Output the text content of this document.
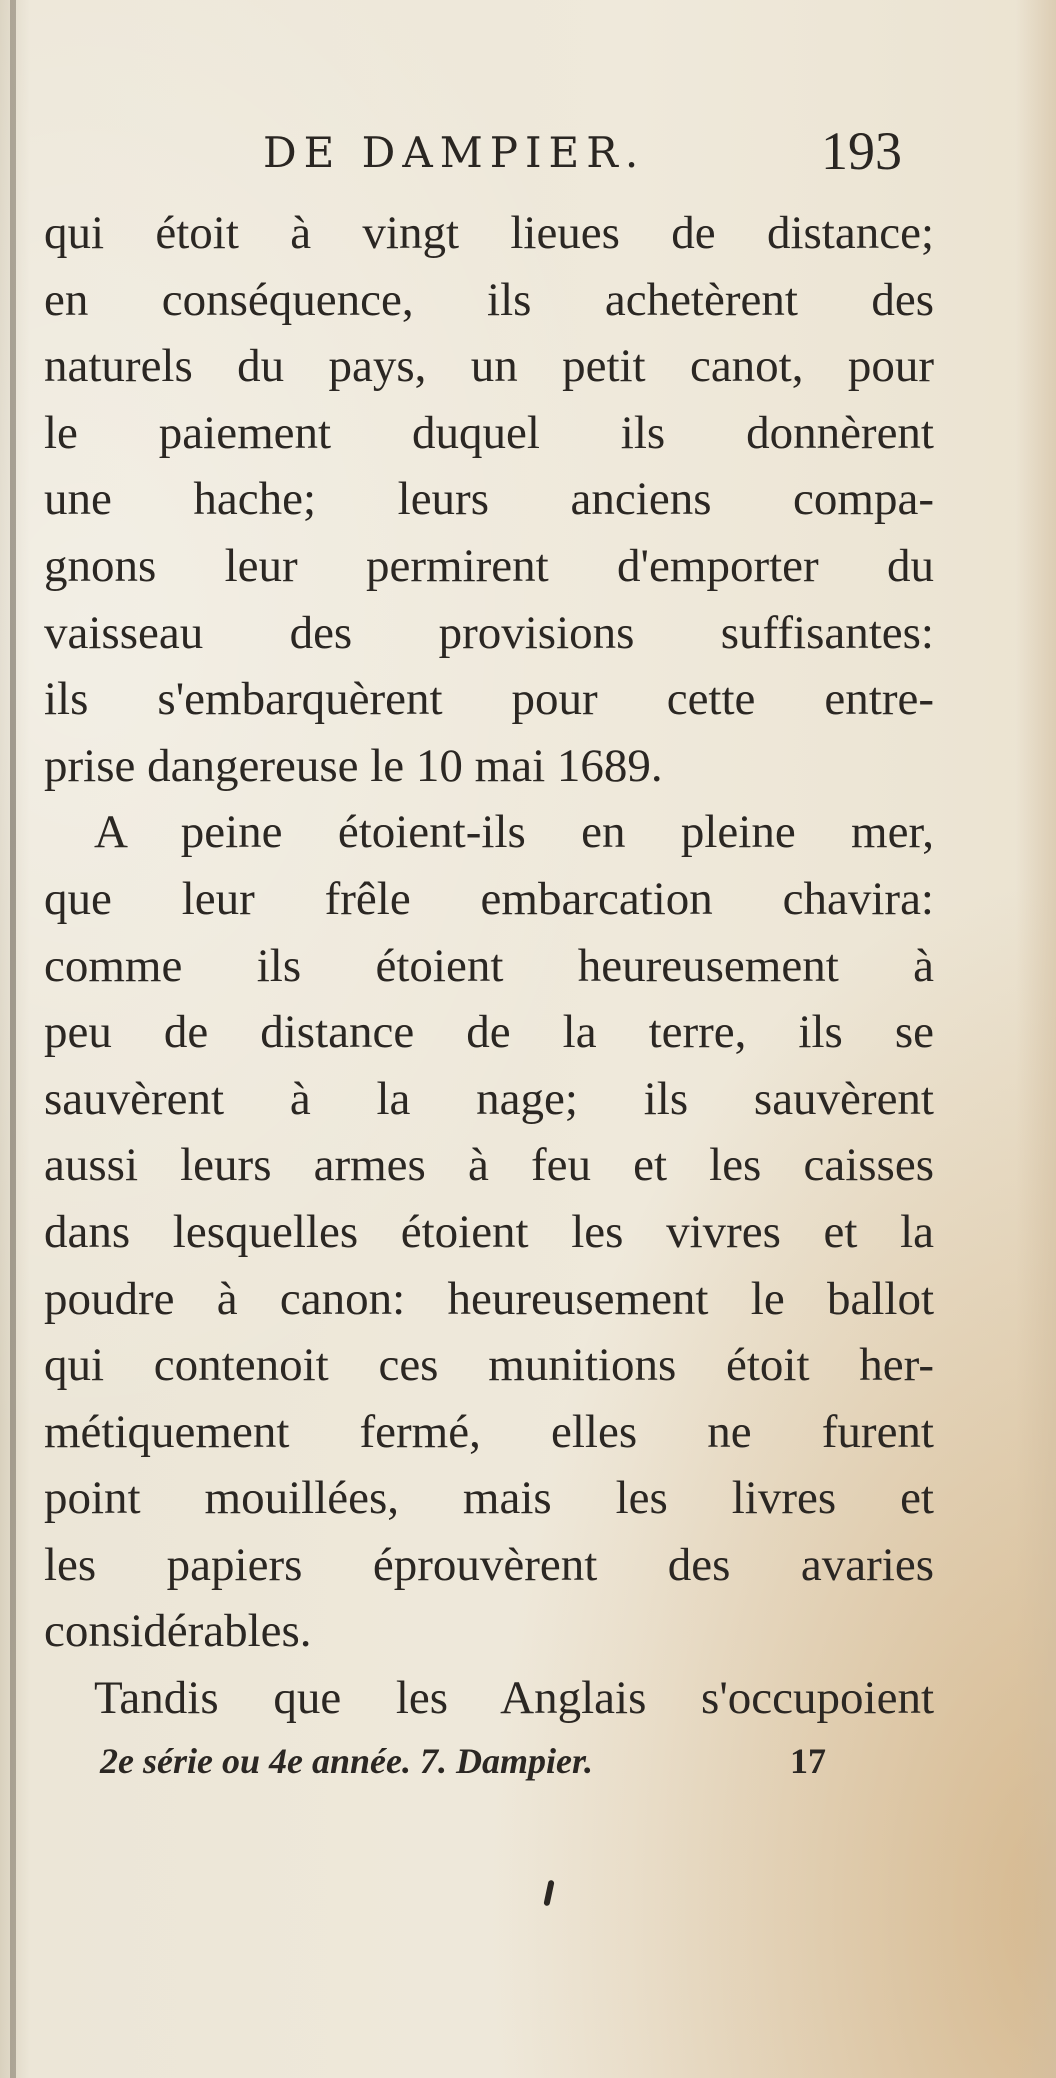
DE DAMPIER.	193
qui étoit à vingt lieues de distance;
en conséquence, ils achetèrent des
naturels du pays, un petit canot, pour
le paiement duquel ils donnèrent
une hache; leurs anciens compa-
gnons leur permirent d'emporter du
vaisseau des provisions suffisantes:
ils s'embarquèrent pour cette entre-
prise dangereuse le 10 mai 1689.
A peine étoient-ils en pleine mer,
que leur frêle embarcation chavira:
comme ils étoient heureusement à
peu de distance de la terre, ils se
sauvèrent à la nage; ils sauvèrent
aussi leurs armes à feu et les caisses
dans lesquelles étoient les vivres et la
poudre à canon: heureusement le ballot
qui contenoit ces munitions étoit her-
métiquement fermé, elles ne furent
point mouillées, mais les livres et
les papiers éprouvèrent des avaries
considérables.
Tandis que les Anglais s'occupoient
2e série ou 4e année. 7. Dampier.	17
